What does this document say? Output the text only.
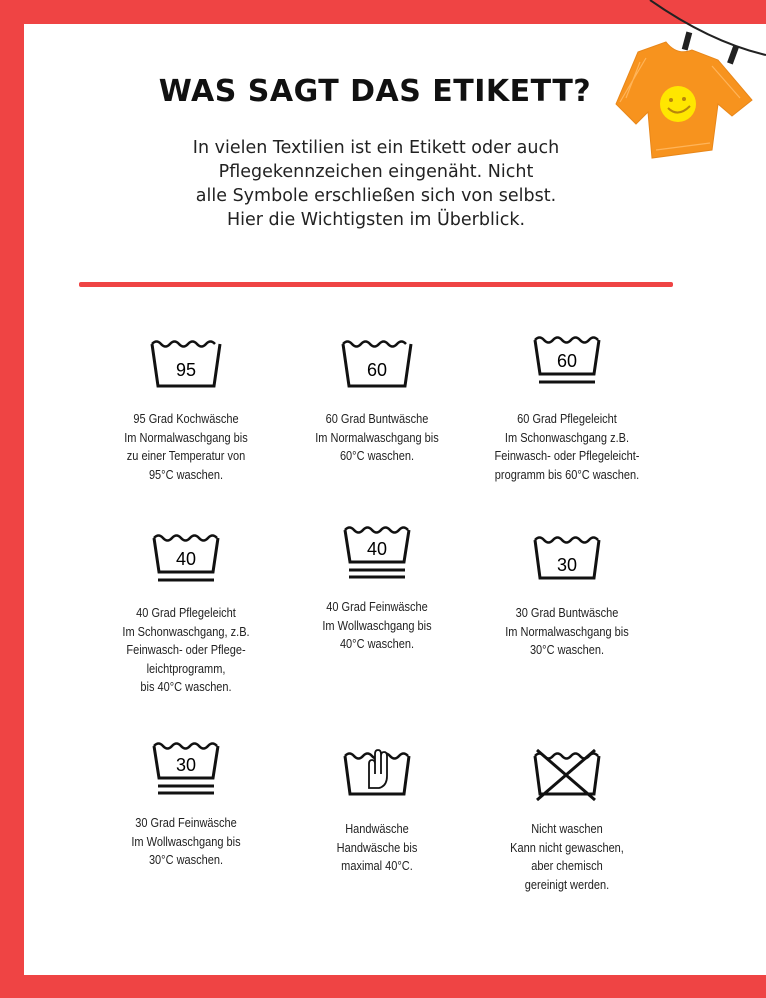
WAS SAGT DAS ETIKETT?
In vielen Textilien ist ein Etikett oder auch
Pflegekennzeichen eingenäht. Nicht
alle Symbole erschließen sich von selbst.
Hier die Wichtigsten im Überblick.
95
95 Grad Kochwäsche
Im Normalwaschgang bis
zu einer Temperatur von
95°C waschen.
60
60 Grad Buntwäsche
Im Normalwaschgang bis
60°C waschen.
60
60 Grad Pflegeleicht
Im Schonwaschgang z.B.
Feinwasch- oder Pflegeleicht-
programm bis 60°C waschen.
40
40 Grad Pflegeleicht
Im Schonwaschgang, z.B.
Feinwasch- oder Pflege-
leichtprogramm,
bis 40°C waschen.
40
40 Grad Feinwäsche
Im Wollwaschgang bis
40°C waschen.
30
30 Grad Buntwäsche
Im Normalwaschgang bis
30°C waschen.
30
30 Grad Feinwäsche
Im Wollwaschgang bis
30°C waschen.
Handwäsche
Handwäsche bis
maximal 40°C.
Nicht waschen
Kann nicht gewaschen,
aber chemisch
gereinigt werden.
